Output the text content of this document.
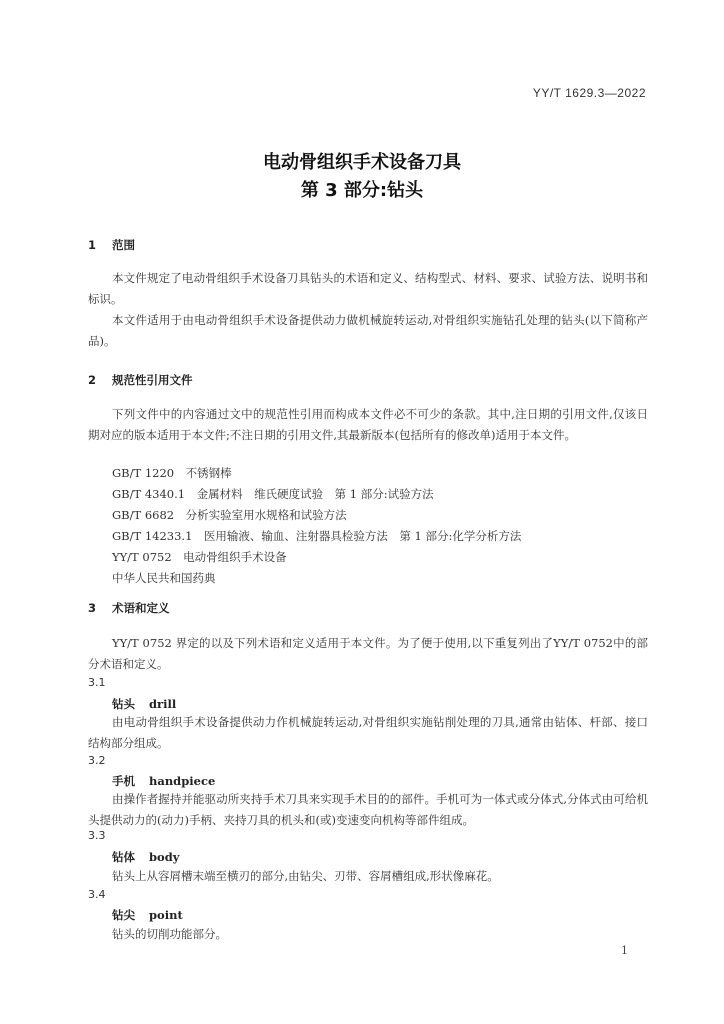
YY/T 1629.3—2022
电动骨组织手术设备刀具
第 3 部分:钻头
1 范围
本文件规定了电动骨组织手术设备刀具钻头的术语和定义、结构型式、材料、要求、试验方法、说明书和标识。
本文件适用于由电动骨组织手术设备提供动力做机械旋转运动,对骨组织实施钻孔处理的钻头(以下简称产品)。
2 规范性引用文件
下列文件中的内容通过文中的规范性引用而构成本文件必不可少的条款。其中,注日期的引用文件,仅该日期对应的版本适用于本文件;不注日期的引用文件,其最新版本(包括所有的修改单)适用于本文件。
GB/T 1220　不锈钢棒
GB/T 4340.1　金属材料　维氏硬度试验　第 1 部分:试验方法
GB/T 6682　分析实验室用水规格和试验方法
GB/T 14233.1　医用输液、输血、注射器具检验方法　第 1 部分:化学分析方法
YY/T 0752　电动骨组织手术设备
中华人民共和国药典
3 术语和定义
YY/T 0752 界定的以及下列术语和定义适用于本文件。为了便于使用,以下重复列出了YY/T 0752中的部分术语和定义。
3.1
钻头 drill
由电动骨组织手术设备提供动力作机械旋转运动,对骨组织实施钻削处理的刀具,通常由钻体、杆部、接口结构部分组成。
3.2
手机 handpiece
由操作者握持并能驱动所夹持手术刀具来实现手术目的的部件。手机可为一体式或分体式,分体式由可给机头提供动力的(动力)手柄、夹持刀具的机头和(或)变速变向机构等部件组成。
3.3
钻体 body
钻头上从容屑槽末端至横刃的部分,由钻尖、刃带、容屑槽组成,形状像麻花。
3.4
钻尖 point
钻头的切削功能部分。
1
